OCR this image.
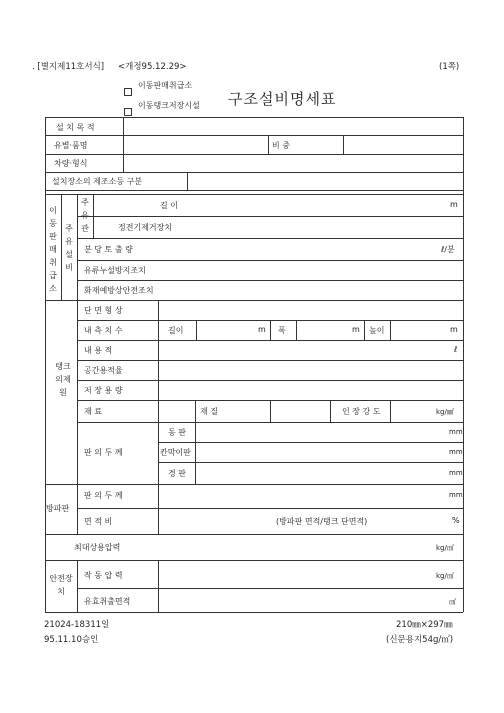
. [별지제11호서식] <개정95.12.29>	(1쪽)
이동판매취급소
이동탱크저장시설 구조설비명세표
설 치 목 적
유별·품명	비 중
차량·형식
설치장소의 제조소등 구분
이동판매취급소
주유설비
주유관
길 이	m
정전기제거장치
분 당 토 출 량	ℓ/분
유류누설방지조치
화재예방상안전조치
탱크의제원
단 면 형 상
내 측 치 수	길이	m 폭	m 높이	m
내 용 적	ℓ
공간용적율
저 장 용 량
재 료	재 질	인 장 강 도	kg/㎟
판 의 두 께
동 판	mm
칸막이판	mm
경 판	mm
방파판
판 의 두 께	mm
면 적 비	(방파판 면적/탱크 단면적)	%
최대상용압력	kg/㎠
안전장치
작 동 압 력	kg/㎠
유효취출면적	㎠
21024-18311일
95.11.10승인
210㎜×297㎜
(신문용지54g/㎡)
